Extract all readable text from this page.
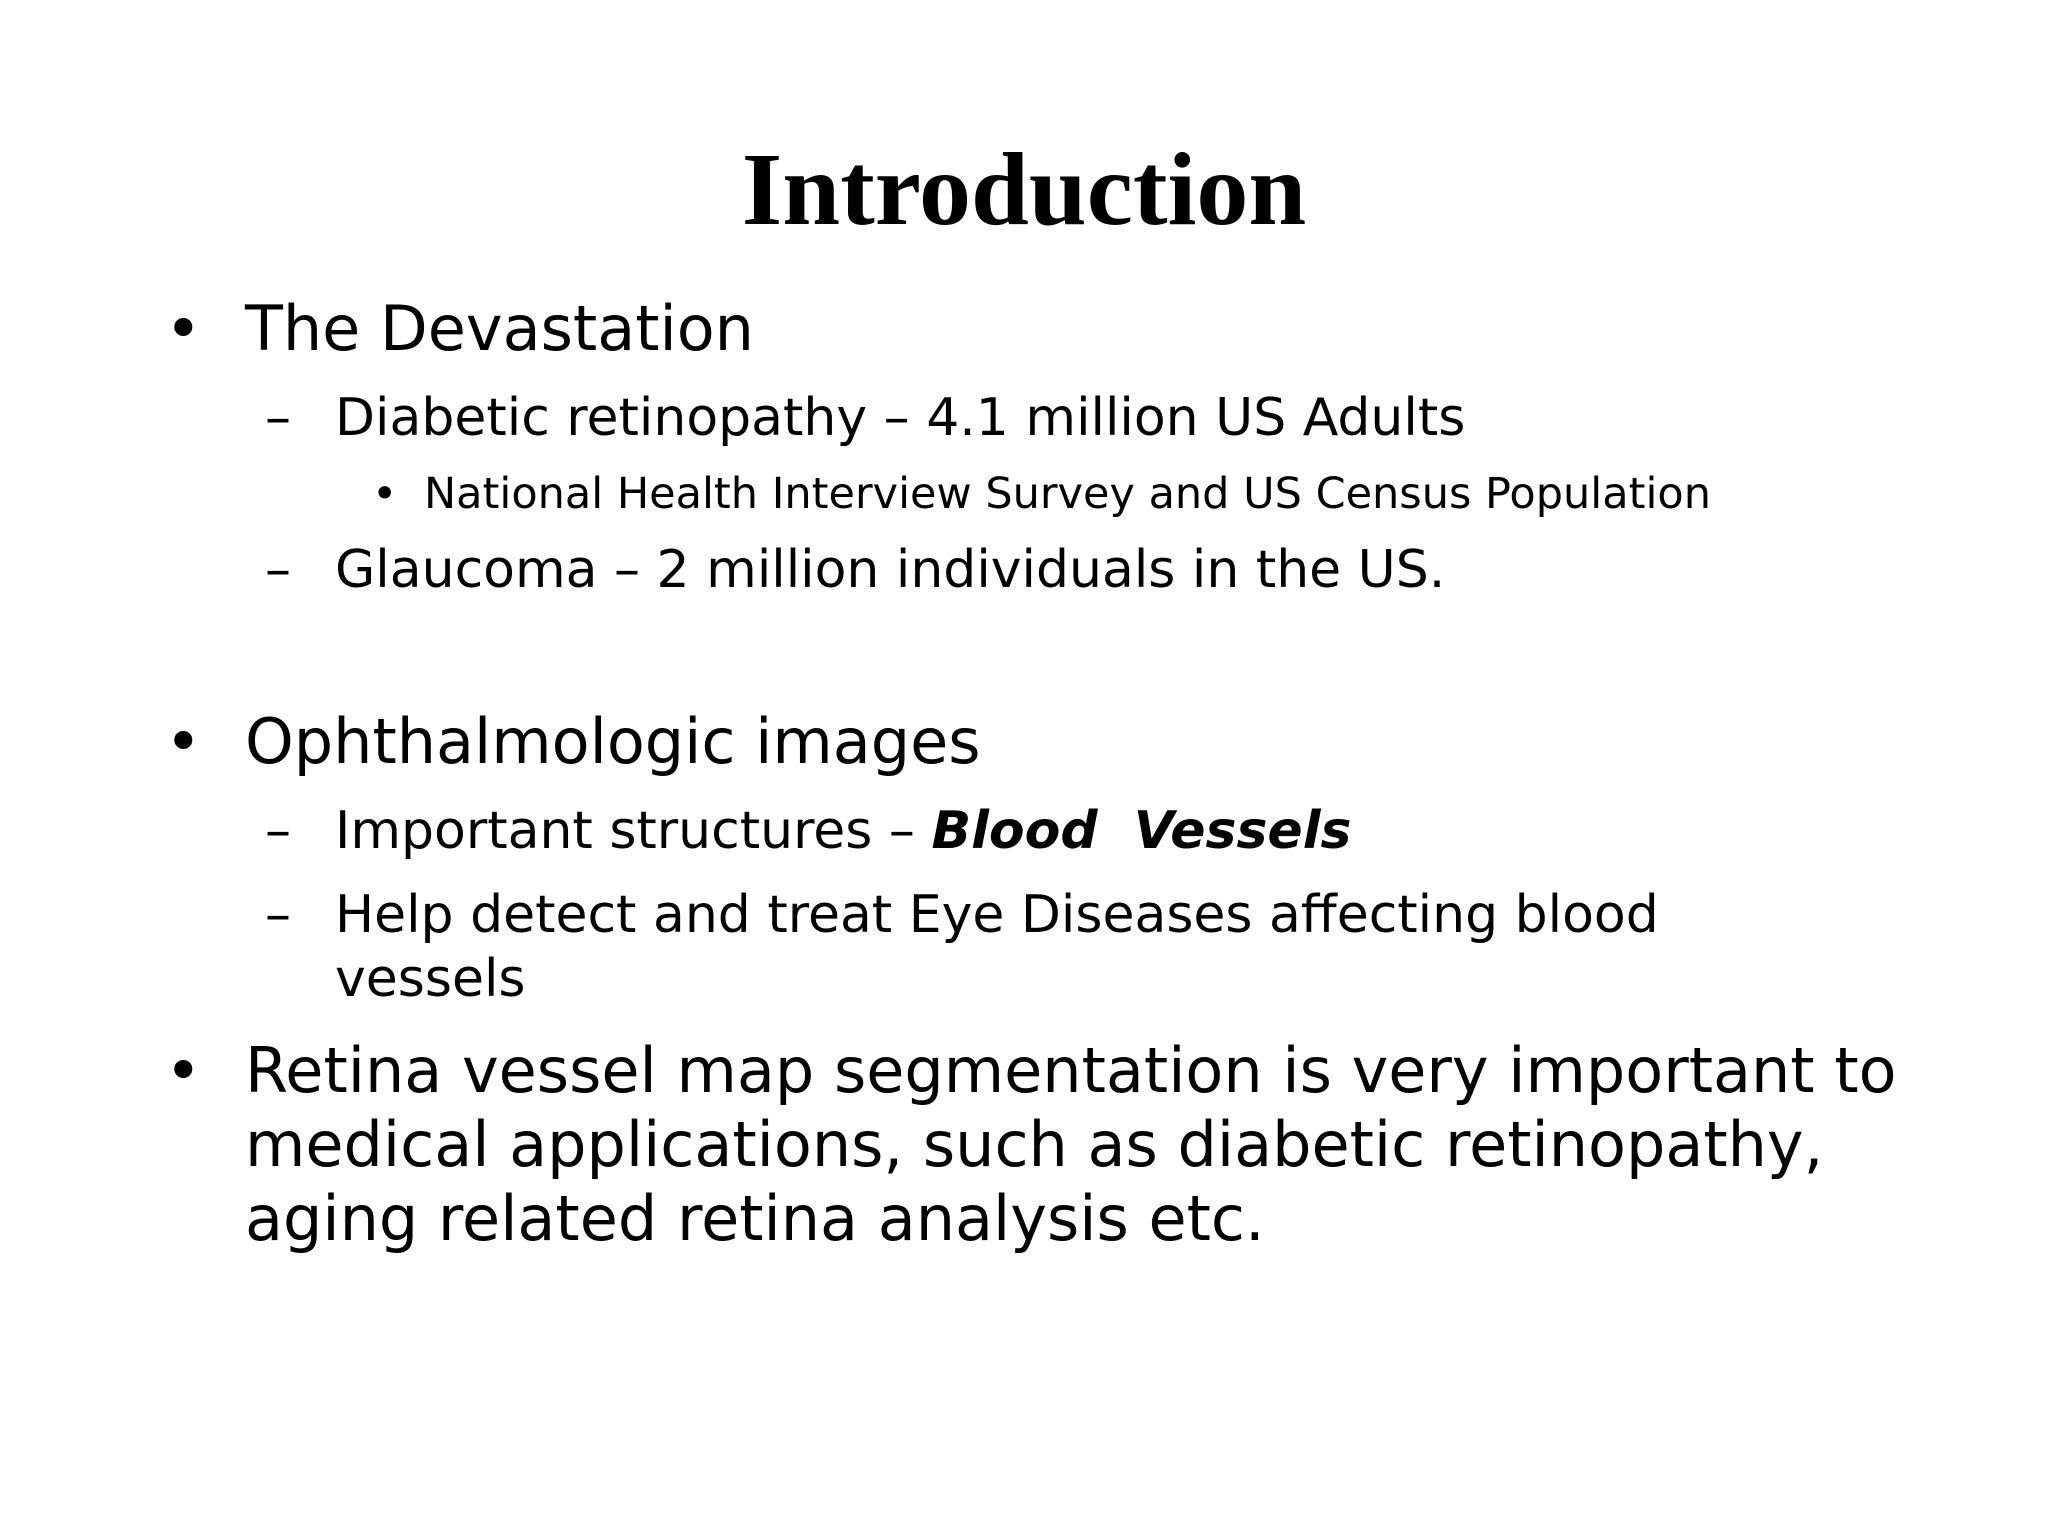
Introduction
• The Devastation
– Diabetic retinopathy – 4.1 million US Adults
• National Health Interview Survey and US Census Population
– Glaucoma – 2 million individuals in the US.
• Ophthalmologic images
– Important structures – Blood  Vessels
– Help detect and treat Eye Diseases affecting blood vessels
• Retina vessel map segmentation is very important to medical applications, such as diabetic retinopathy, aging related retina analysis etc.
